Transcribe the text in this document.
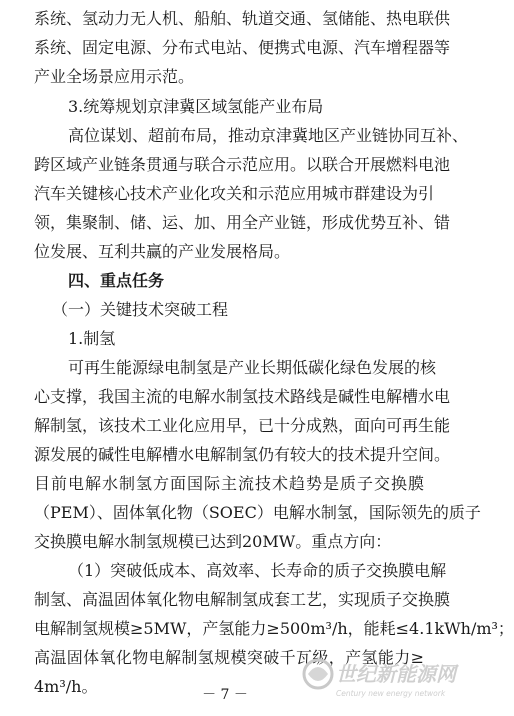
系统、氢动力无人机、船舶、轨道交通、氢储能、热电联供
系统、固定电源、分布式电站、便携式电源、汽车增程器等
产业全场景应用示范。
3.统筹规划京津冀区域氢能产业布局
高位谋划、超前布局，推动京津冀地区产业链协同互补、
跨区域产业链条贯通与联合示范应用。以联合开展燃料电池
汽车关键核心技术产业化攻关和示范应用城市群建设为引
领，集聚制、储、运、加、用全产业链，形成优势互补、错
位发展、互利共赢的产业发展格局。
四、重点任务
（一）关键技术突破工程
1.制氢
可再生能源绿电制氢是产业长期低碳化绿色发展的核
心支撑，我国主流的电解水制氢技术路线是碱性电解槽水电
解制氢，该技术工业化应用早，已十分成熟，面向可再生能
源发展的碱性电解槽水电解制氢仍有较大的技术提升空间。
目前电解水制氢方面国际主流技术趋势是质子交换膜
（PEM）、固体氧化物（SOEC）电解水制氢，国际领先的质子
交换膜电解水制氢规模已达到20MW。重点方向：
（1）突破低成本、高效率、长寿命的质子交换膜电解
制氢、高温固体氧化物电解制氢成套工艺，实现质子交换膜
电解制氢规模≥5MW，产氢能力≥500m³/h，能耗≤4.1kWh/m³；
高温固体氧化物电解制氢规模突破千瓦级，产氢能力≥
4m³/h。
世纪新能源网
Century new energy network
－ 7 －
